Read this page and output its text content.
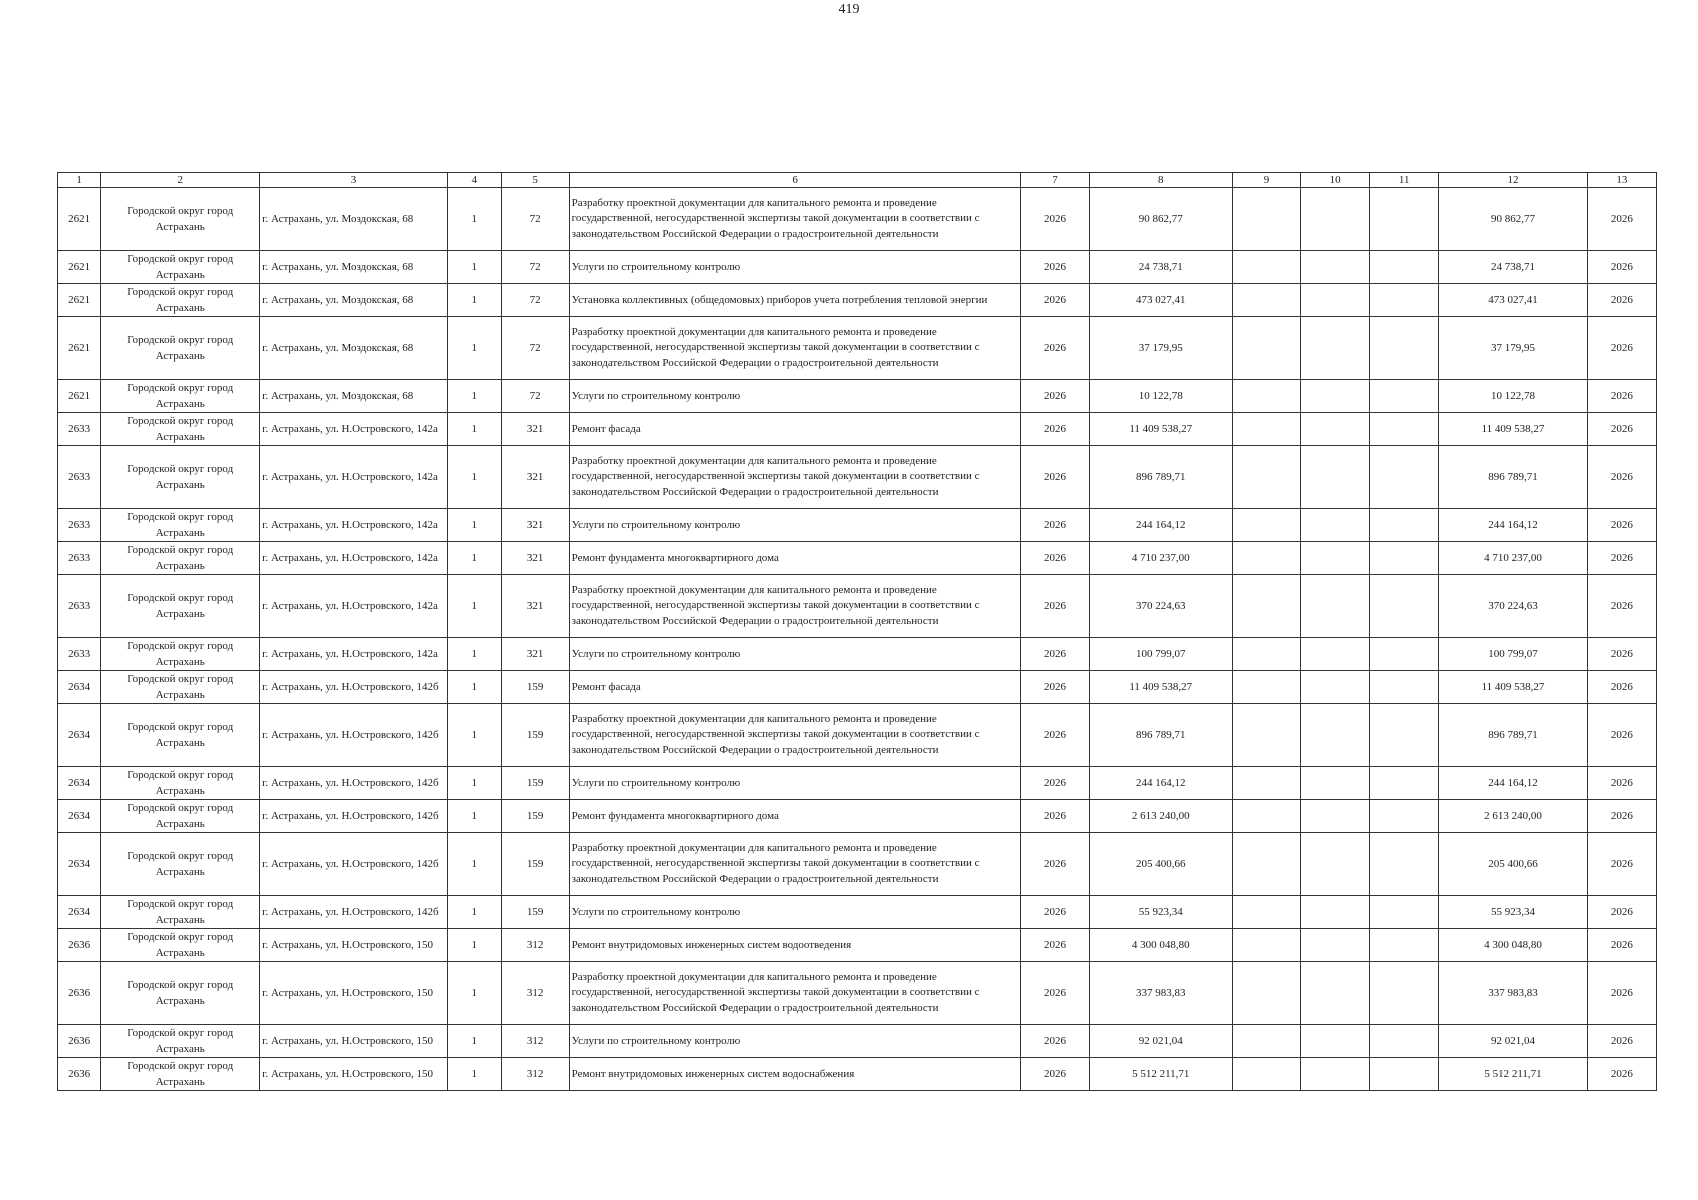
419
1	2	3	4	5	6	7	8	9	10	11	12	13
2621	Городской округ город Астрахань	г. Астрахань, ул. Моздокская, 68	1	72	Разработку проектной документации для капитального ремонта и проведение государственной, негосударственной экспертизы такой документации в соответствии с законодательством Российской Федерации о градостроительной деятельности	2026	90 862,77				90 862,77	2026
2621	Городской округ город Астрахань	г. Астрахань, ул. Моздокская, 68	1	72	Услуги по строительному контролю	2026	24 738,71				24 738,71	2026
2621	Городской округ город Астрахань	г. Астрахань, ул. Моздокская, 68	1	72	Установка коллективных (общедомовых) приборов учета потребления тепловой энергии	2026	473 027,41				473 027,41	2026
2621	Городской округ город Астрахань	г. Астрахань, ул. Моздокская, 68	1	72	Разработку проектной документации для капитального ремонта и проведение государственной, негосударственной экспертизы такой документации в соответствии с законодательством Российской Федерации о градостроительной деятельности	2026	37 179,95				37 179,95	2026
2621	Городской округ город Астрахань	г. Астрахань, ул. Моздокская, 68	1	72	Услуги по строительному контролю	2026	10 122,78				10 122,78	2026
2633	Городской округ город Астрахань	г. Астрахань, ул. Н.Островского, 142а	1	321	Ремонт фасада	2026	11 409 538,27				11 409 538,27	2026
2633	Городской округ город Астрахань	г. Астрахань, ул. Н.Островского, 142а	1	321	Разработку проектной документации для капитального ремонта и проведение государственной, негосударственной экспертизы такой документации в соответствии с законодательством Российской Федерации о градостроительной деятельности	2026	896 789,71				896 789,71	2026
2633	Городской округ город Астрахань	г. Астрахань, ул. Н.Островского, 142а	1	321	Услуги по строительному контролю	2026	244 164,12				244 164,12	2026
2633	Городской округ город Астрахань	г. Астрахань, ул. Н.Островского, 142а	1	321	Ремонт фундамента многоквартирного дома	2026	4 710 237,00				4 710 237,00	2026
2633	Городской округ город Астрахань	г. Астрахань, ул. Н.Островского, 142а	1	321	Разработку проектной документации для капитального ремонта и проведение государственной, негосударственной экспертизы такой документации в соответствии с законодательством Российской Федерации о градостроительной деятельности	2026	370 224,63				370 224,63	2026
2633	Городской округ город Астрахань	г. Астрахань, ул. Н.Островского, 142а	1	321	Услуги по строительному контролю	2026	100 799,07				100 799,07	2026
2634	Городской округ город Астрахань	г. Астрахань, ул. Н.Островского, 142б	1	159	Ремонт фасада	2026	11 409 538,27				11 409 538,27	2026
2634	Городской округ город Астрахань	г. Астрахань, ул. Н.Островского, 142б	1	159	Разработку проектной документации для капитального ремонта и проведение государственной, негосударственной экспертизы такой документации в соответствии с законодательством Российской Федерации о градостроительной деятельности	2026	896 789,71				896 789,71	2026
2634	Городской округ город Астрахань	г. Астрахань, ул. Н.Островского, 142б	1	159	Услуги по строительному контролю	2026	244 164,12				244 164,12	2026
2634	Городской округ город Астрахань	г. Астрахань, ул. Н.Островского, 142б	1	159	Ремонт фундамента многоквартирного дома	2026	2 613 240,00				2 613 240,00	2026
2634	Городской округ город Астрахань	г. Астрахань, ул. Н.Островского, 142б	1	159	Разработку проектной документации для капитального ремонта и проведение государственной, негосударственной экспертизы такой документации в соответствии с законодательством Российской Федерации о градостроительной деятельности	2026	205 400,66				205 400,66	2026
2634	Городской округ город Астрахань	г. Астрахань, ул. Н.Островского, 142б	1	159	Услуги по строительному контролю	2026	55 923,34				55 923,34	2026
2636	Городской округ город Астрахань	г. Астрахань, ул. Н.Островского, 150	1	312	Ремонт внутридомовых инженерных систем водоотведения	2026	4 300 048,80				4 300 048,80	2026
2636	Городской округ город Астрахань	г. Астрахань, ул. Н.Островского, 150	1	312	Разработку проектной документации для капитального ремонта и проведение государственной, негосударственной экспертизы такой документации в соответствии с законодательством Российской Федерации о градостроительной деятельности	2026	337 983,83				337 983,83	2026
2636	Городской округ город Астрахань	г. Астрахань, ул. Н.Островского, 150	1	312	Услуги по строительному контролю	2026	92 021,04				92 021,04	2026
2636	Городской округ город Астрахань	г. Астрахань, ул. Н.Островского, 150	1	312	Ремонт внутридомовых инженерных систем водоснабжения	2026	5 512 211,71				5 512 211,71	2026
